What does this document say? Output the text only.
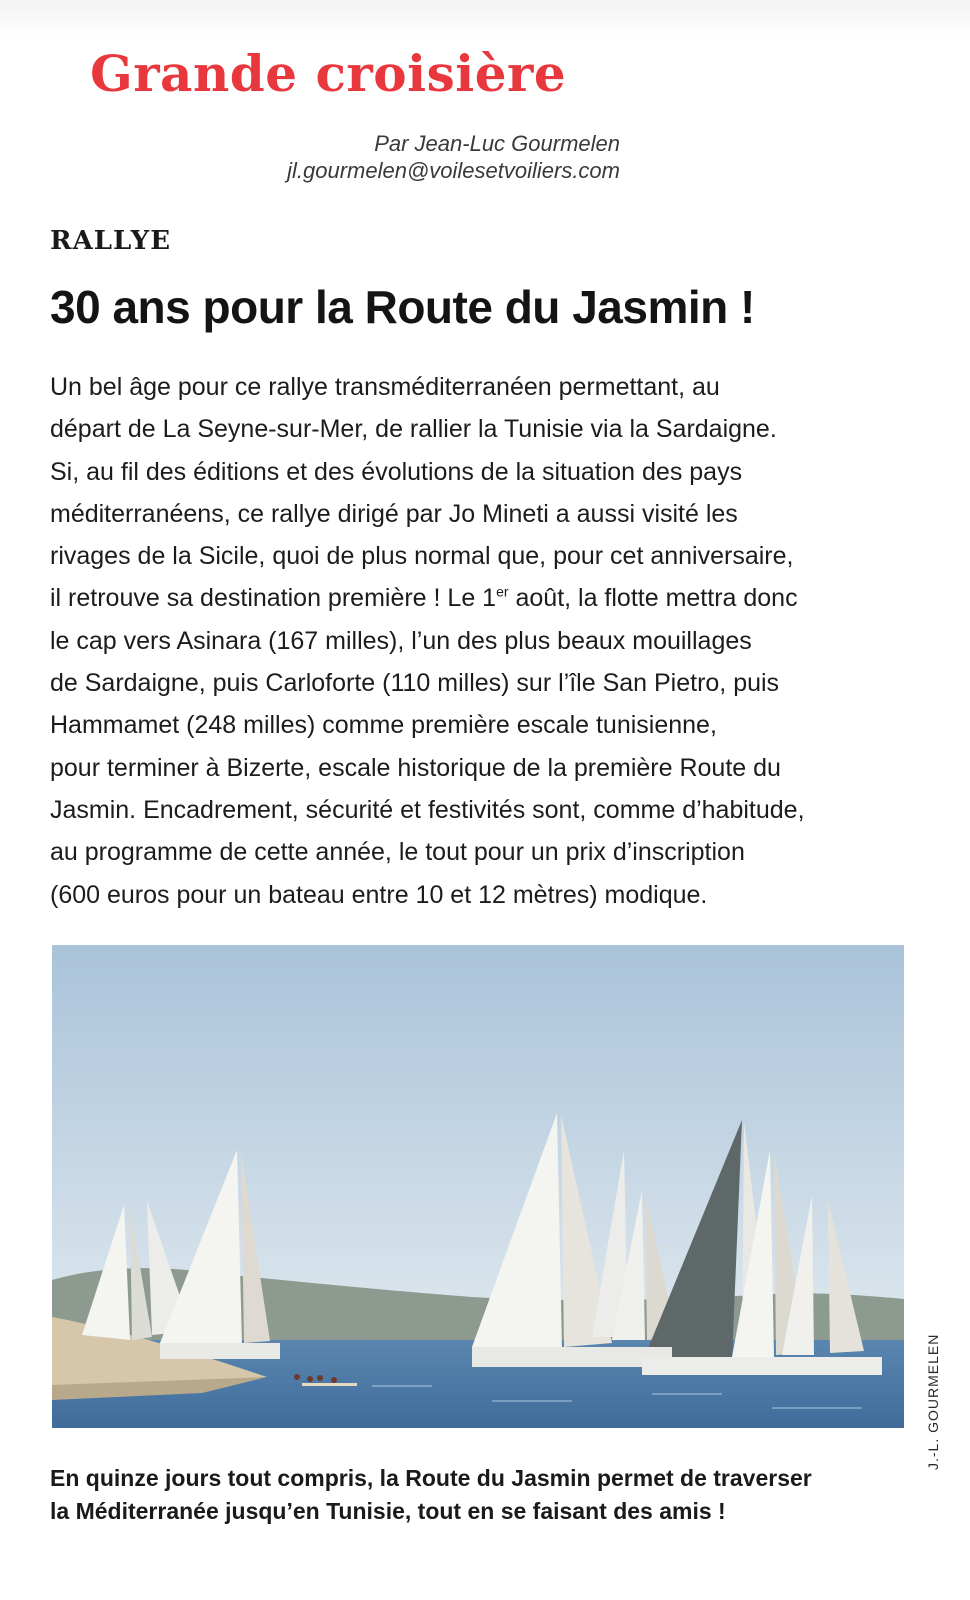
Grande croisière
Par Jean-Luc Gourmelen
jl.gourmelen@voilesetvoiliers.com
RALLYE
30 ans pour la Route du Jasmin !

Un bel âge pour ce rallye transméditerranéen permettant, au
départ de La Seyne-sur-Mer, de rallier la Tunisie via la Sardaigne.
Si, au fil des éditions et des évolutions de la situation des pays
méditerranéens, ce rallye dirigé par Jo Mineti a aussi visité les
rivages de la Sicile, quoi de plus normal que, pour cet anniversaire,
il retrouve sa destination première ! Le 1er août, la flotte mettra donc
le cap vers Asinara (167 milles), l’un des plus beaux mouillages
de Sardaigne, puis Carloforte (110 milles) sur l’île San Pietro, puis
Hammamet (248 milles) comme première escale tunisienne,
pour terminer à Bizerte, escale historique de la première Route du
Jasmin. Encadrement, sécurité et festivités sont, comme d’habitude,
au programme de cette année, le tout pour un prix d’inscription
(600 euros pour un bateau entre 10 et 12 mètres) modique.

J.-L. GOURMELEN

En quinze jours tout compris, la Route du Jasmin permet de traverser
la Méditerranée jusqu’en Tunisie, tout en se faisant des amis !
